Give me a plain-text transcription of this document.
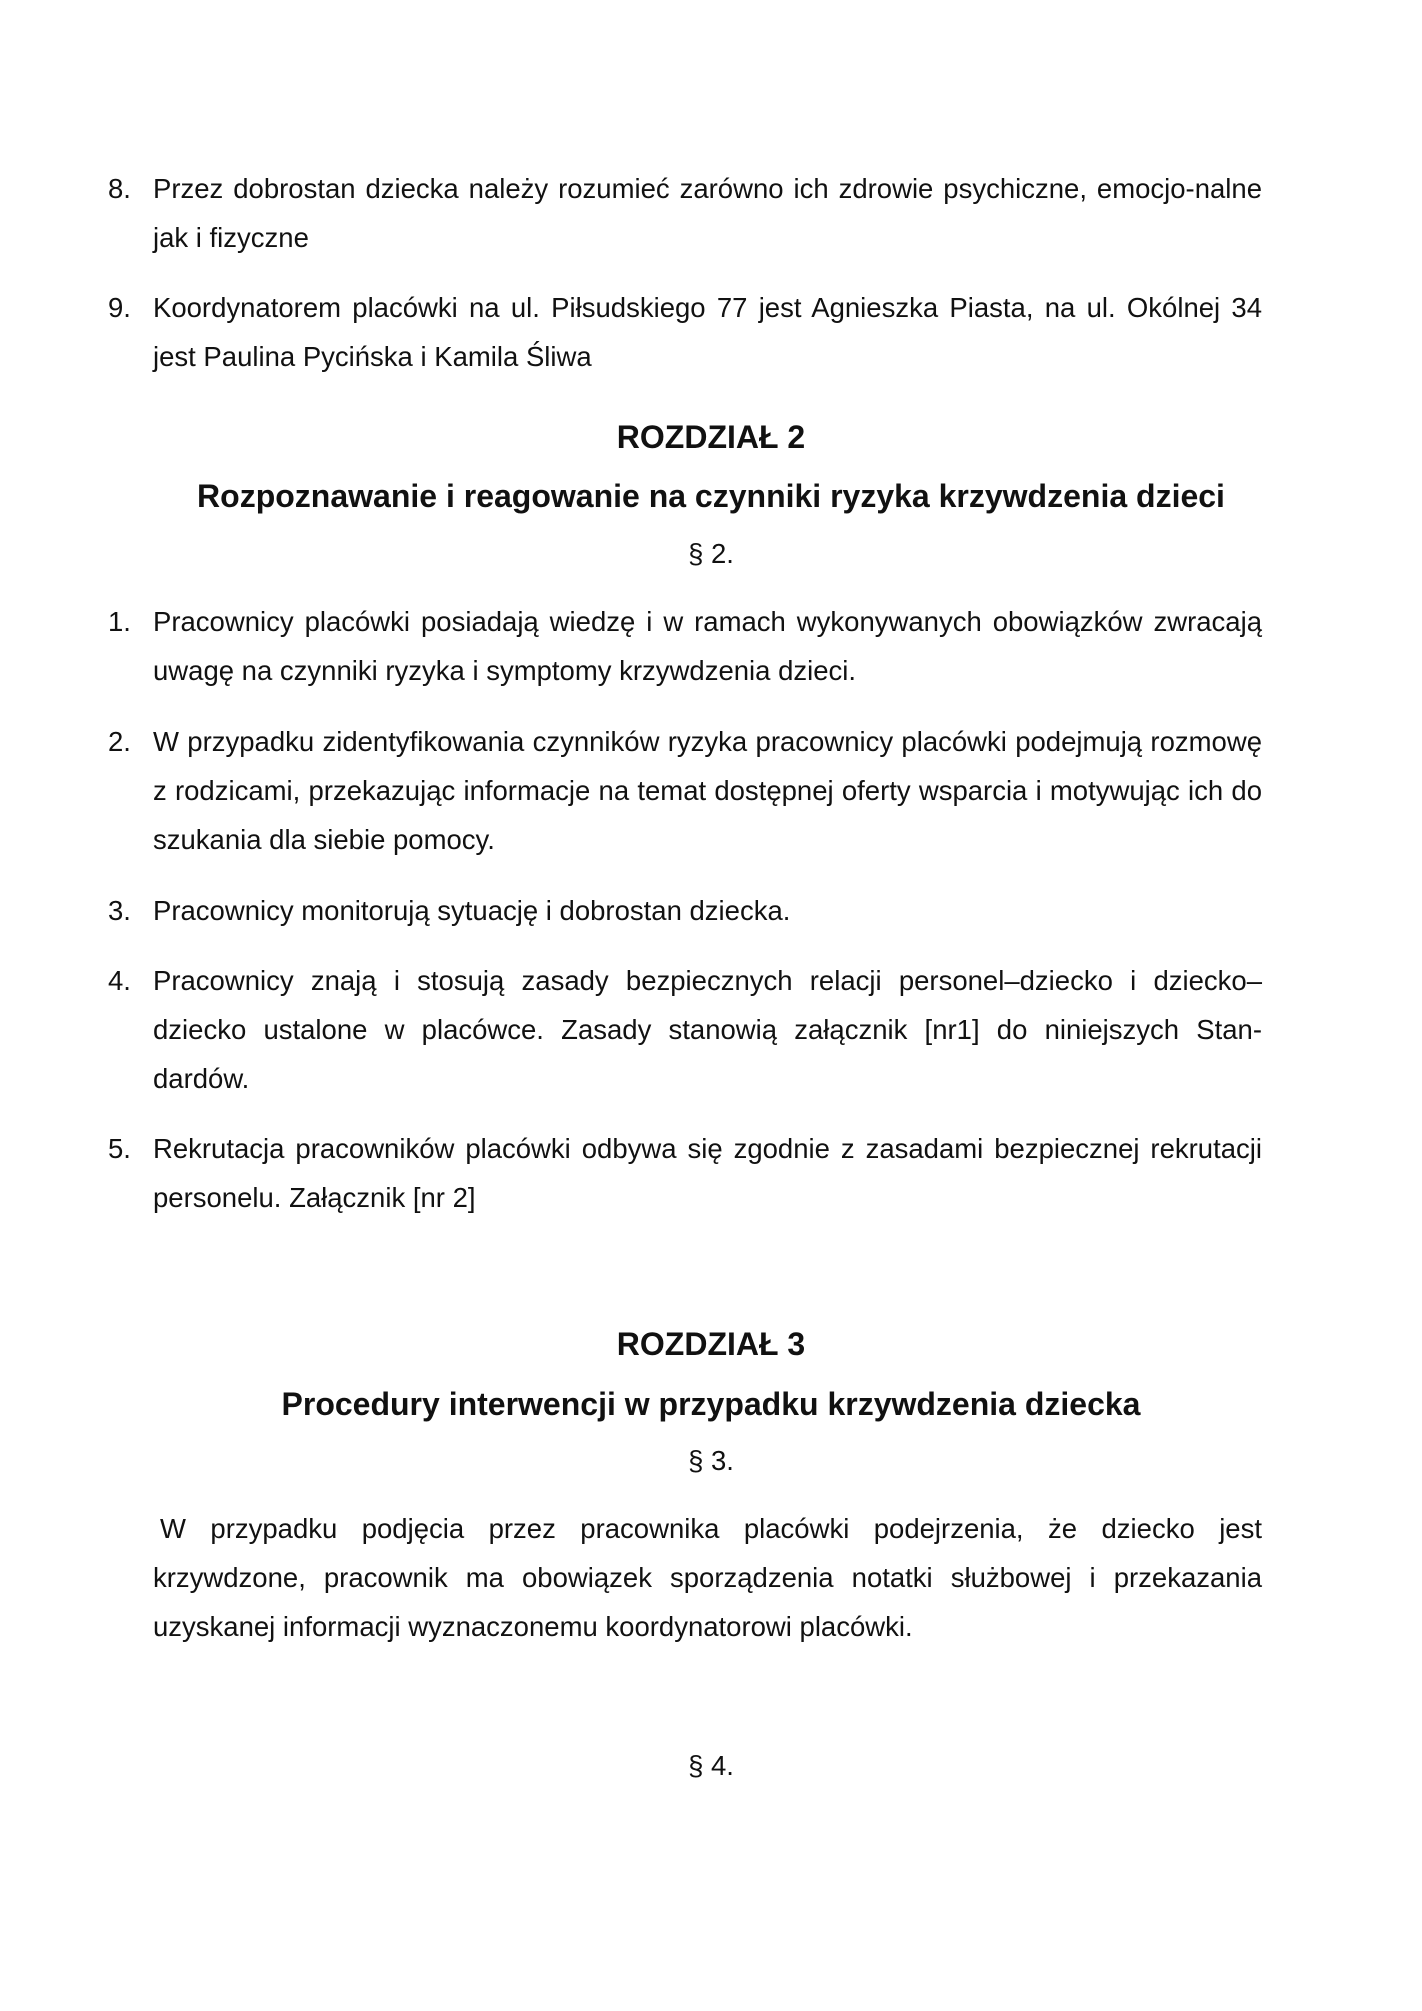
8. Przez dobrostan dziecka należy rozumieć zarówno ich zdrowie psychiczne, emocjo-nalne jak i fizyczne
9. Koordynatorem placówki na ul. Piłsudskiego 77 jest Agnieszka Piasta, na ul. Okólnej 34 jest Paulina Pycińska i Kamila Śliwa
ROZDZIAŁ 2
Rozpoznawanie i reagowanie na czynniki ryzyka krzywdzenia dzieci
§ 2.
1. Pracownicy placówki posiadają wiedzę i w ramach wykonywanych obowiązków zwracają uwagę na czynniki ryzyka i symptomy krzywdzenia dzieci.
2. W przypadku zidentyfikowania czynników ryzyka pracownicy placówki podejmują rozmowę z rodzicami, przekazując informacje na temat dostępnej oferty wsparcia i motywując ich do szukania dla siebie pomocy.
3. Pracownicy monitorują sytuację i dobrostan dziecka.
4. Pracownicy znają i stosują zasady bezpiecznych relacji personel–dziecko i dziecko–dziecko ustalone w placówce. Zasady stanowią załącznik [nr1] do niniejszych Stan-dardów.
5. Rekrutacja pracowników placówki odbywa się zgodnie z zasadami bezpiecznej rekrutacji personelu. Załącznik [nr 2]
ROZDZIAŁ 3
Procedury interwencji w przypadku krzywdzenia dziecka
§ 3.
W przypadku podjęcia przez pracownika placówki podejrzenia, że dziecko jest krzywdzone, pracownik ma obowiązek sporządzenia notatki służbowej i przekazania uzyskanej informacji wyznaczonemu koordynatorowi placówki.
§ 4.
